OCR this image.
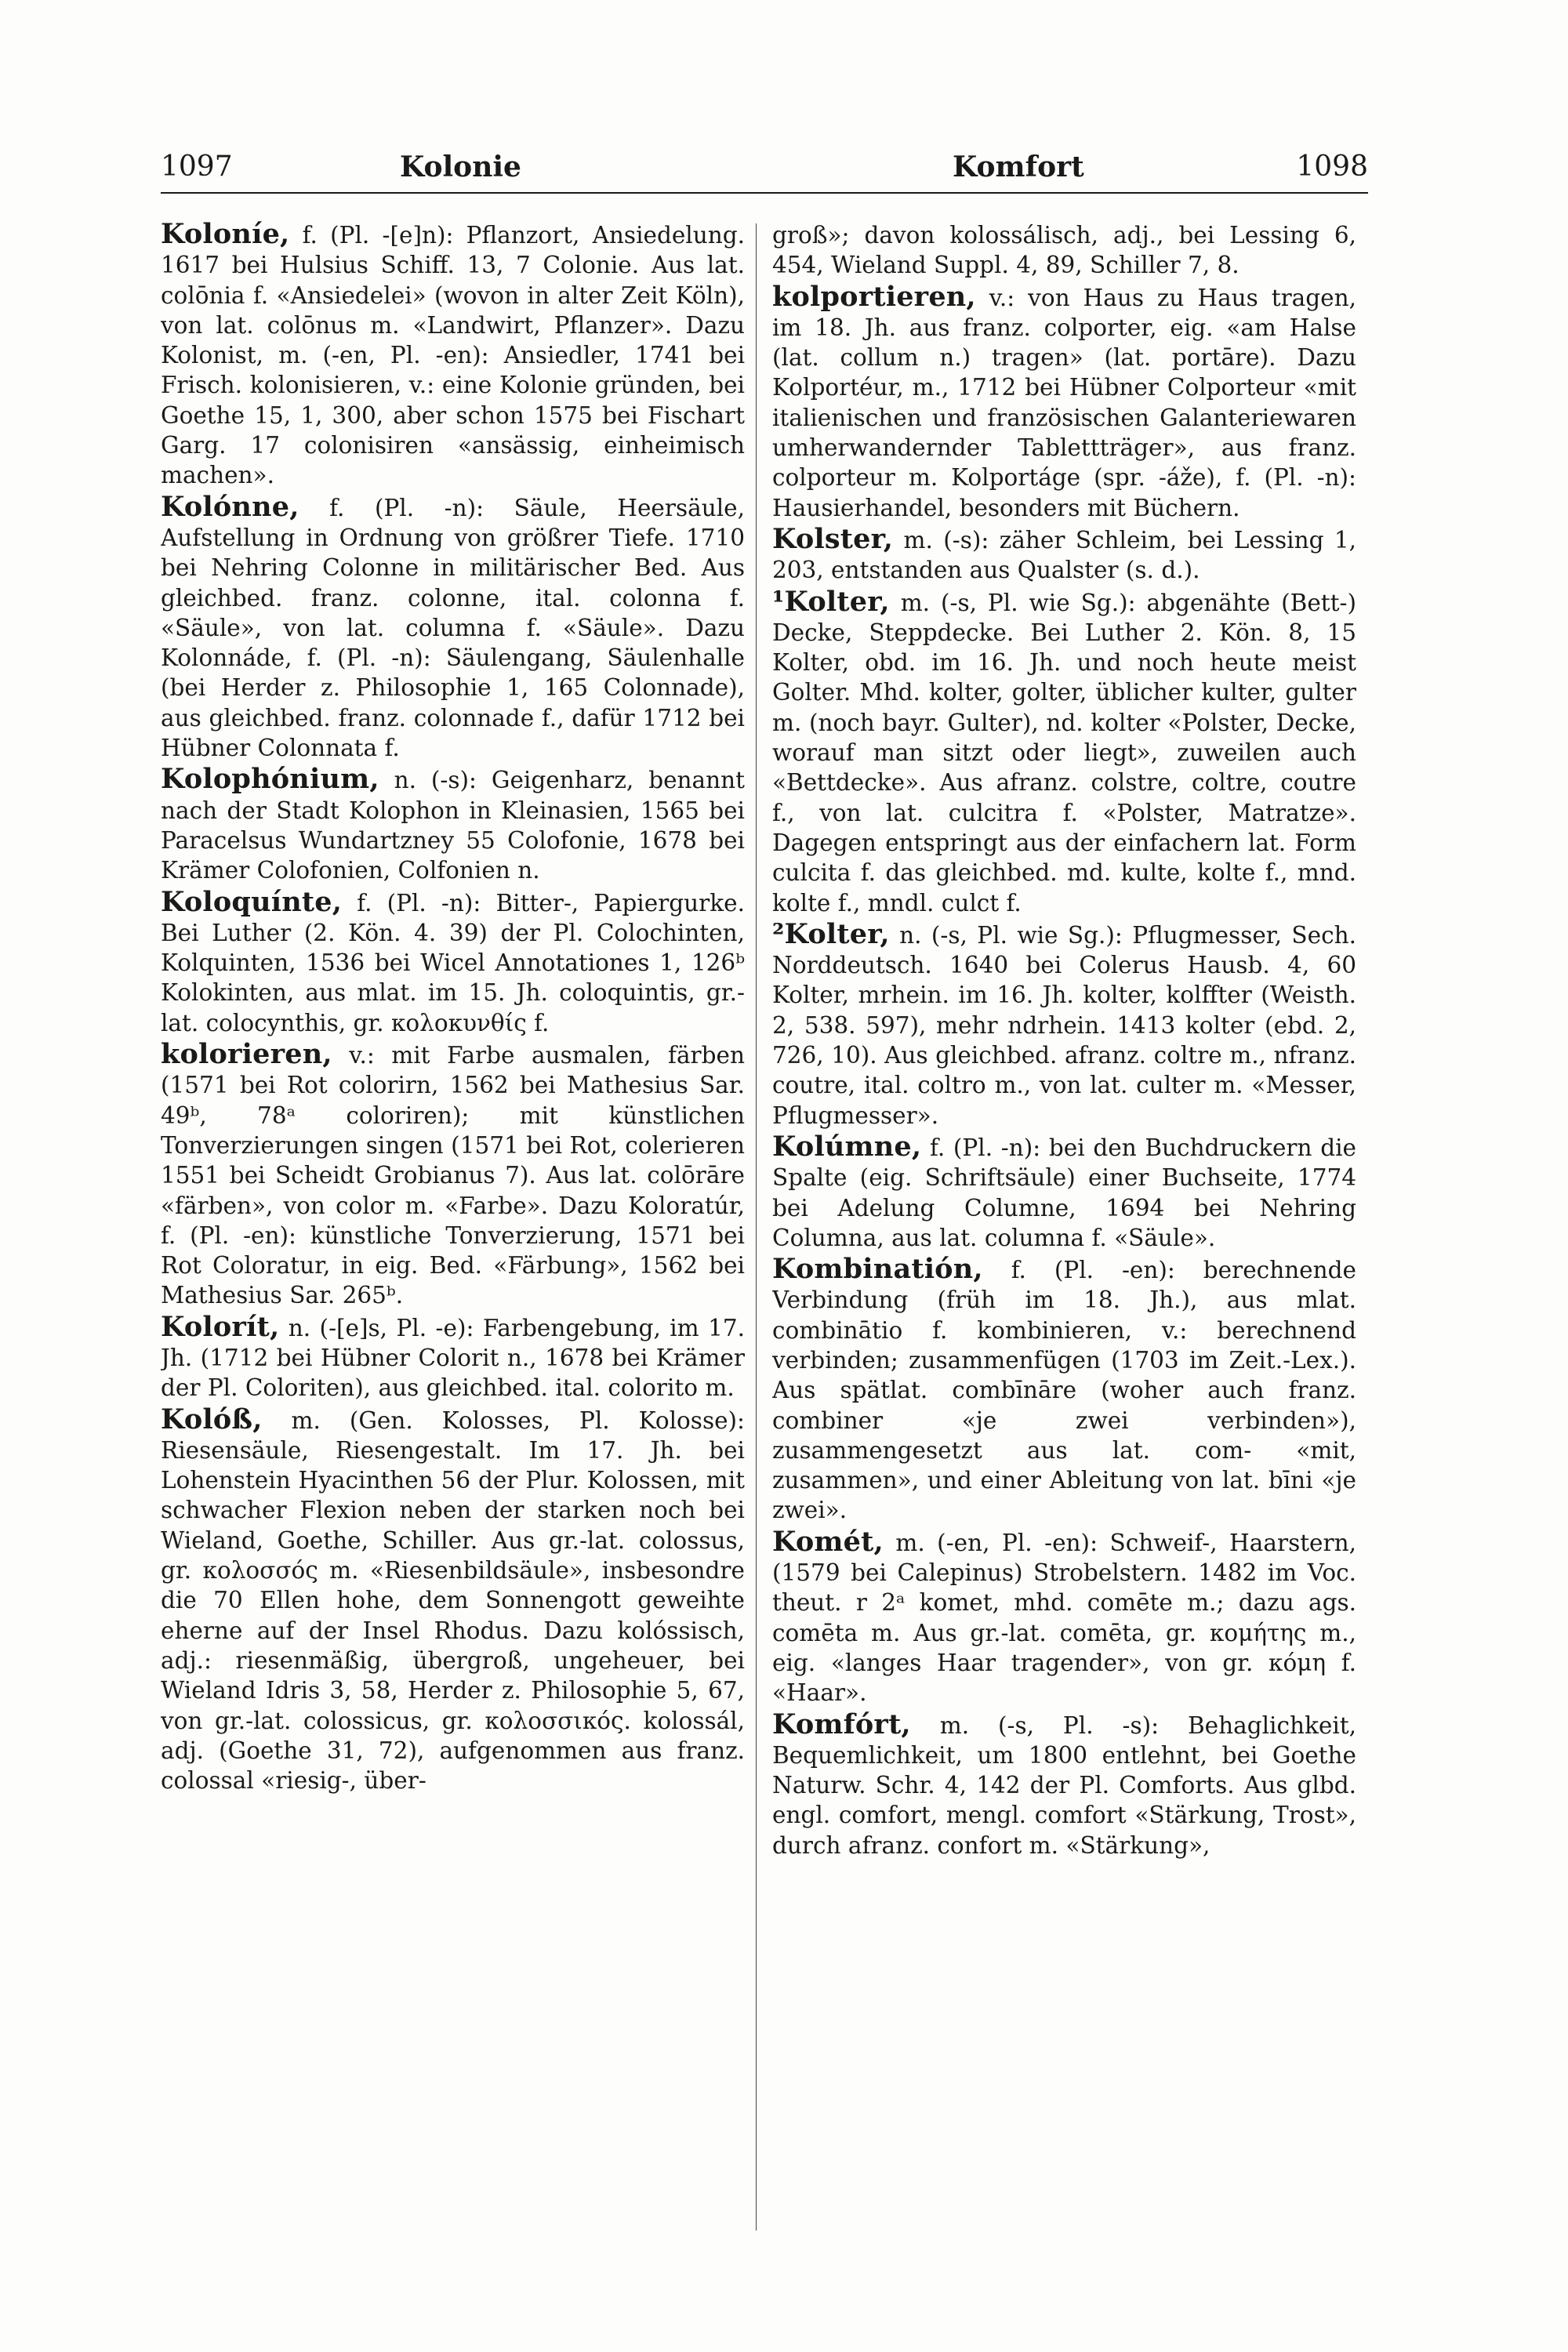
1097	Kolonie	Komfort	1098

Koloníe, f. (Pl. -[e]n): Pflanzort, Ansiedelung. 1617 bei Hulsius Schiff. 13, 7 Colonie. Aus lat. colōnia f. «Ansiedelei» (wovon in alter Zeit Köln), von lat. colōnus m. «Landwirt, Pflanzer». Dazu Kolonist, m. (-en, Pl. -en): Ansiedler, 1741 bei Frisch. kolonisieren, v.: eine Kolonie gründen, bei Goethe 15, 1, 300, aber schon 1575 bei Fischart Garg. 17 colonisiren «ansässig, einheimisch machen».

Kolónne, f. (Pl. -n): Säule, Heersäule, Aufstellung in Ordnung von größrer Tiefe. 1710 bei Nehring Colonne in militärischer Bed. Aus gleichbed. franz. colonne, ital. colonna f. «Säule», von lat. columna f. «Säule». Dazu Kolonnáde, f. (Pl. -n): Säulengang, Säulenhalle (bei Herder z. Philosophie 1, 165 Colonnade), aus gleichbed. franz. colonnade f., dafür 1712 bei Hübner Colonnata f.

Kolophónium, n. (-s): Geigenharz, benannt nach der Stadt Kolophon in Kleinasien, 1565 bei Paracelsus Wundartzney 55 Colofonie, 1678 bei Krämer Colofonien, Colfonien n.

Koloquínte, f. (Pl. -n): Bitter-, Papiergurke. Bei Luther (2. Kön. 4. 39) der Pl. Colochinten, Kolquinten, 1536 bei Wicel Annotationes 1, 126ᵇ Kolokinten, aus mlat. im 15. Jh. coloquintis, gr.-lat. colocynthis, gr. κολοκυνθίς f.

kolorieren, v.: mit Farbe ausmalen, färben (1571 bei Rot colorirn, 1562 bei Mathesius Sar. 49ᵇ, 78ᵃ coloriren); mit künstlichen Tonverzierungen singen (1571 bei Rot, colerieren 1551 bei Scheidt Grobianus 7). Aus lat. colōrāre «färben», von color m. «Farbe». Dazu Koloratúr, f. (Pl. -en): künstliche Tonverzierung, 1571 bei Rot Coloratur, in eig. Bed. «Färbung», 1562 bei Mathesius Sar. 265ᵇ.

Kolorít, n. (-[e]s, Pl. -e): Farbengebung, im 17. Jh. (1712 bei Hübner Colorit n., 1678 bei Krämer der Pl. Coloriten), aus gleichbed. ital. colorito m.

Kolóß, m. (Gen. Kolosses, Pl. Kolosse): Riesensäule, Riesengestalt. Im 17. Jh. bei Lohenstein Hyacinthen 56 der Plur. Kolossen, mit schwacher Flexion neben der starken noch bei Wieland, Goethe, Schiller. Aus gr.-lat. colossus, gr. κολοσσός m. «Riesenbildsäule», insbesondre die 70 Ellen hohe, dem Sonnengott geweihte eherne auf der Insel Rhodus. Dazu kolóssisch, adj.: riesenmäßig, übergroß, ungeheuer, bei Wieland Idris 3, 58, Herder z. Philosophie 5, 67, von gr.-lat. colossicus, gr. κολοσσικός. kolossál, adj. (Goethe 31, 72), aufgenommen aus franz. colossal «riesig-, über-

groß»; davon kolossálisch, adj., bei Lessing 6, 454, Wieland Suppl. 4, 89, Schiller 7, 8.

kolportieren, v.: von Haus zu Haus tragen, im 18. Jh. aus franz. colporter, eig. «am Halse (lat. collum n.) tragen» (lat. portāre). Dazu Kolportéur, m., 1712 bei Hübner Colporteur «mit italienischen und französischen Galanteriewaren umherwandernder Tablettträger», aus franz. colporteur m. Kolportáge (spr. -áže), f. (Pl. -n): Hausierhandel, besonders mit Büchern.

Kolster, m. (-s): zäher Schleim, bei Lessing 1, 203, entstanden aus Qualster (s. d.).

¹Kolter, m. (-s, Pl. wie Sg.): abgenähte (Bett-) Decke, Steppdecke. Bei Luther 2. Kön. 8, 15 Kolter, obd. im 16. Jh. und noch heute meist Golter. Mhd. kolter, golter, üblicher kulter, gulter m. (noch bayr. Gulter), nd. kolter «Polster, Decke, worauf man sitzt oder liegt», zuweilen auch «Bettdecke». Aus afranz. colstre, coltre, coutre f., von lat. culcitra f. «Polster, Matratze». Dagegen entspringt aus der einfachern lat. Form culcita f. das gleichbed. md. kulte, kolte f., mnd. kolte f., mndl. culct f.

²Kolter, n. (-s, Pl. wie Sg.): Pflugmesser, Sech. Norddeutsch. 1640 bei Colerus Hausb. 4, 60 Kolter, mrhein. im 16. Jh. kolter, kolffter (Weisth. 2, 538. 597), mehr ndrhein. 1413 kolter (ebd. 2, 726, 10). Aus gleichbed. afranz. coltre m., nfranz. coutre, ital. coltro m., von lat. culter m. «Messer, Pflugmesser».

Kolúmne, f. (Pl. -n): bei den Buchdruckern die Spalte (eig. Schriftsäule) einer Buchseite, 1774 bei Adelung Columne, 1694 bei Nehring Columna, aus lat. columna f. «Säule».

Kombinatión, f. (Pl. -en): berechnende Verbindung (früh im 18. Jh.), aus mlat. combinātio f. kombinieren, v.: berechnend verbinden; zusammenfügen (1703 im Zeit.-Lex.). Aus spätlat. combīnāre (woher auch franz. combiner «je zwei verbinden»), zusammengesetzt aus lat. com- «mit, zusammen», und einer Ableitung von lat. bīni «je zwei».

Komét, m. (-en, Pl. -en): Schweif-, Haarstern, (1579 bei Calepinus) Strobelstern. 1482 im Voc. theut. r 2ᵃ komet, mhd. comēte m.; dazu ags. comēta m. Aus gr.-lat. comēta, gr. κομήτης m., eig. «langes Haar tragender», von gr. κόμη f. «Haar».

Komfórt, m. (-s, Pl. -s): Behaglichkeit, Bequemlichkeit, um 1800 entlehnt, bei Goethe Naturw. Schr. 4, 142 der Pl. Comforts. Aus glbd. engl. comfort, mengl. comfort «Stärkung, Trost», durch afranz. confort m. «Stärkung»,
